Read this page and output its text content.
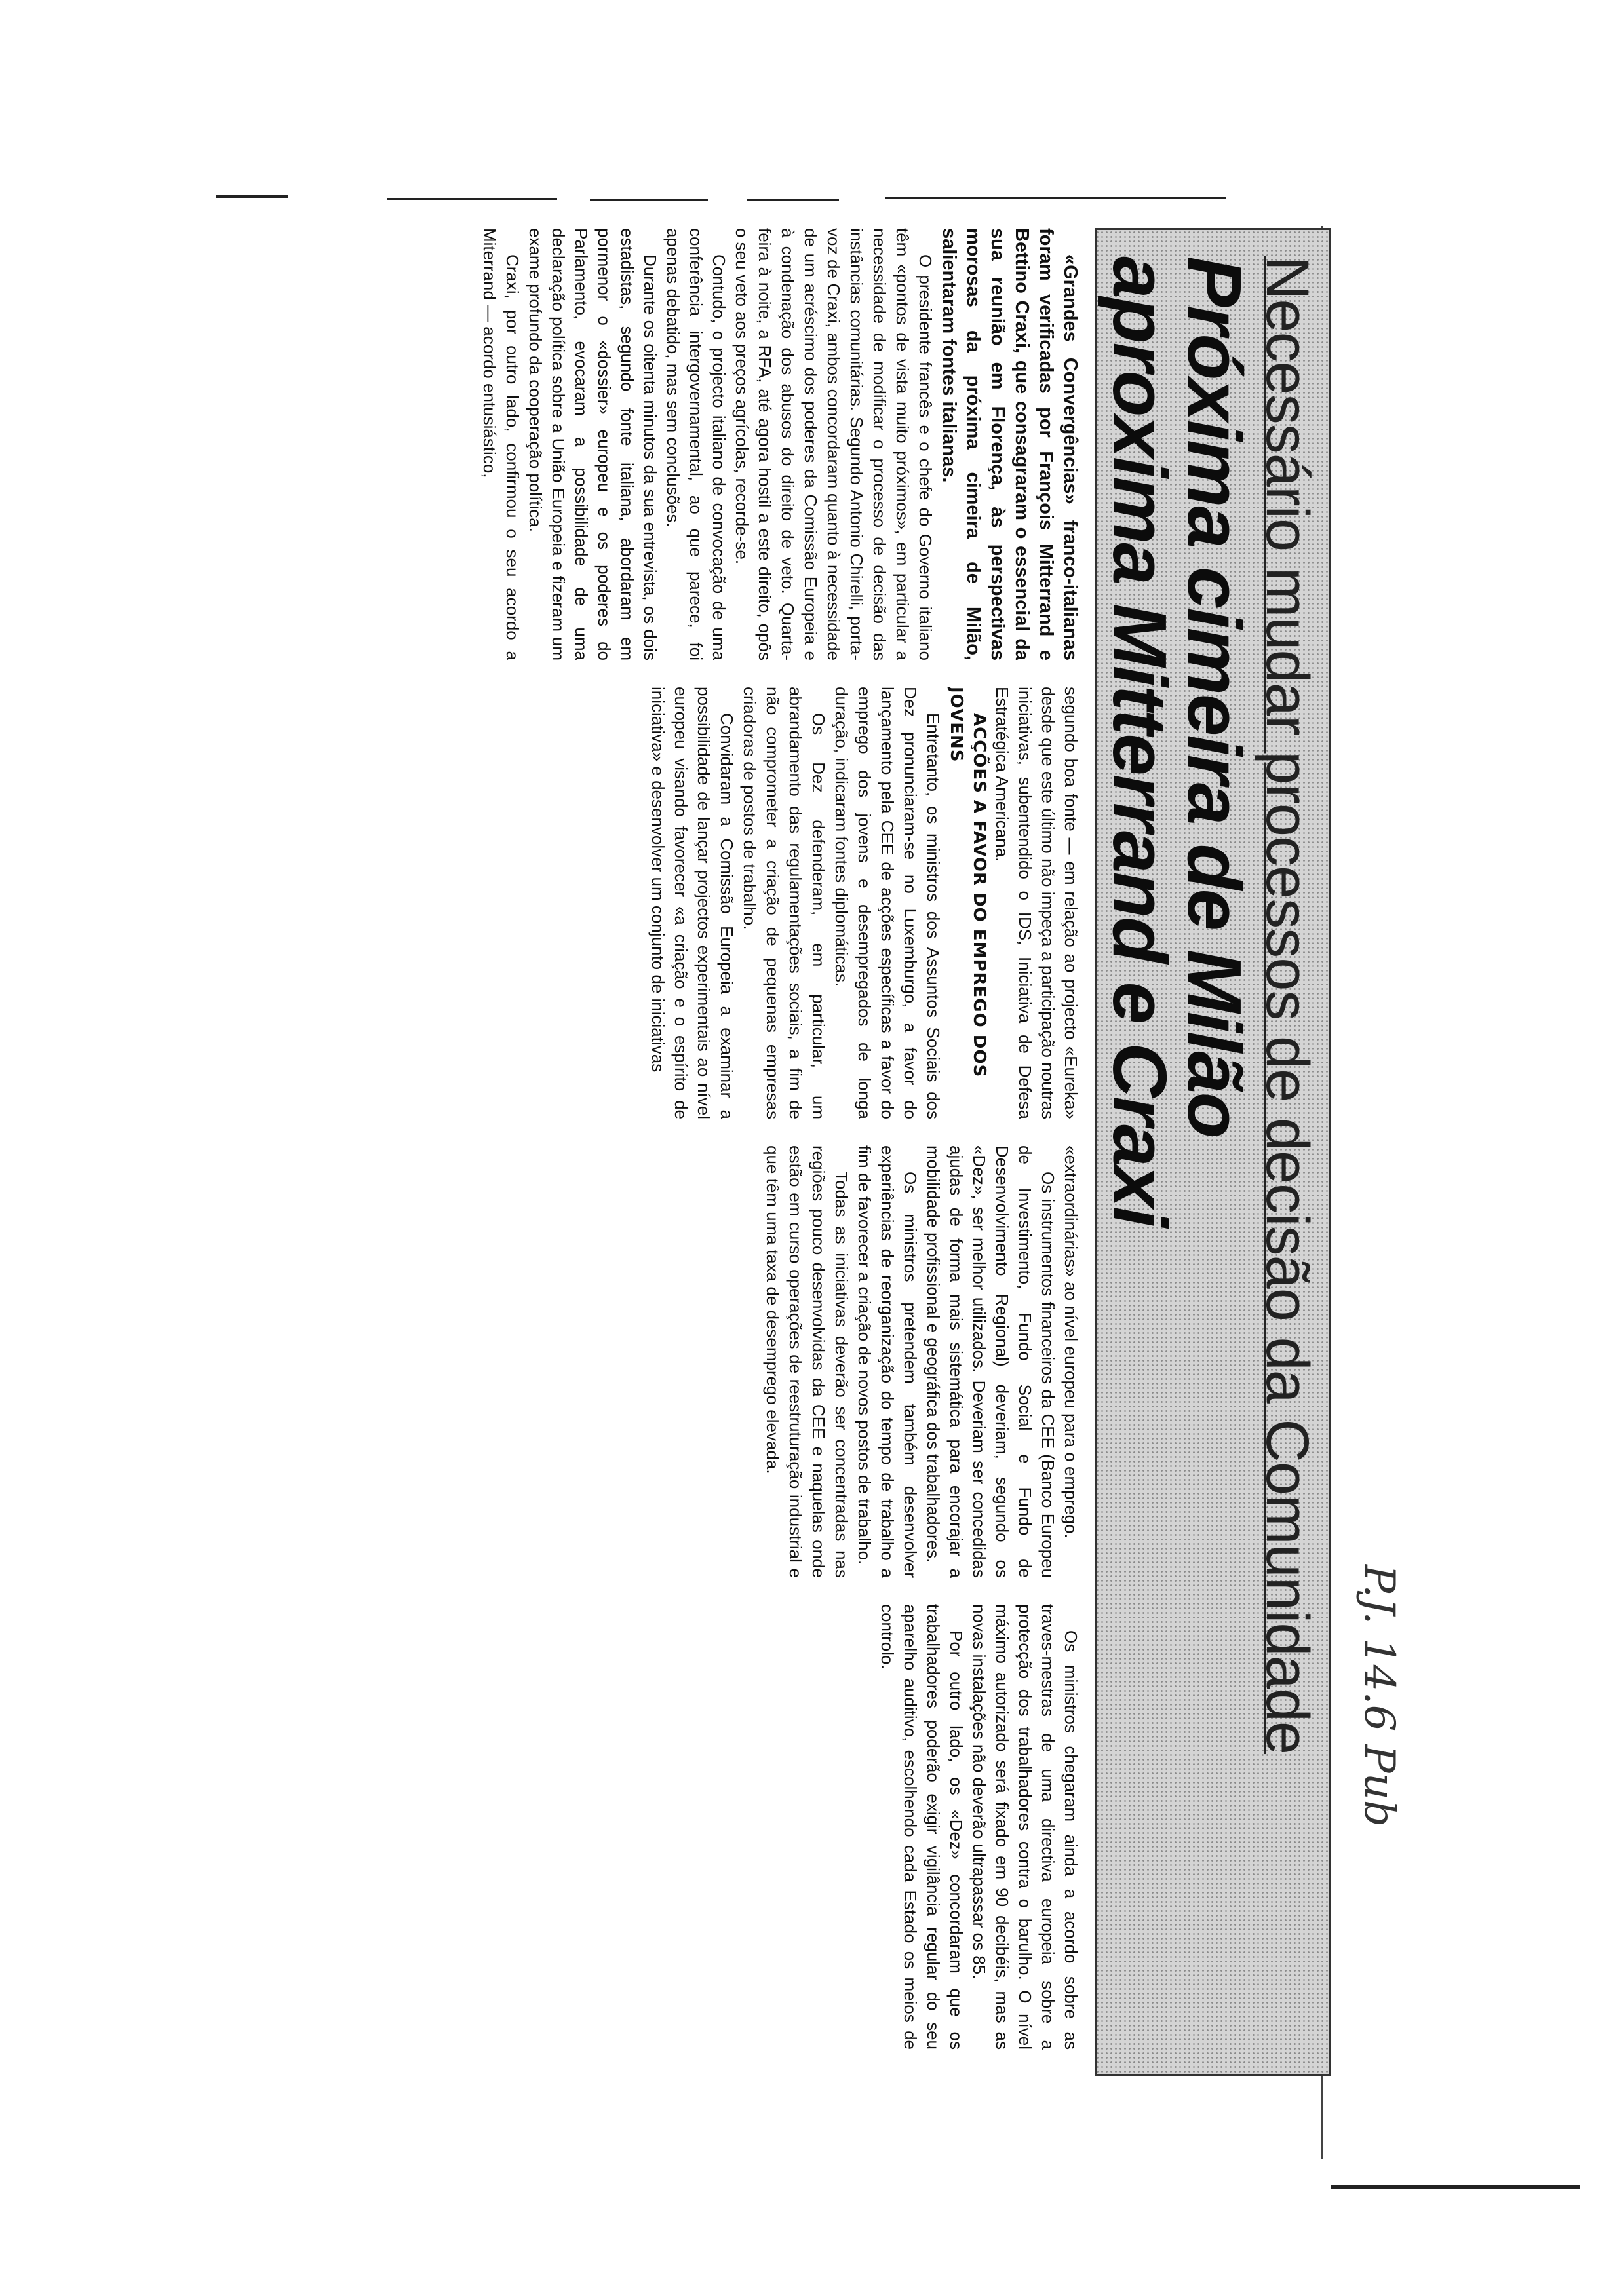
Necessário mudar processos de decisão da Comunidade
Próxima cimeira de Milão
aproxima Mitterrand e Craxi
P.J. 14.6 Pub

«Grandes Convergências» franco-italianas foram verificadas por François Mitterrand e Bettino Craxi, que consagraram o essencial da sua reunião em Florença, às perspectivas morosas da próxima cimeira de Milão, salientaram fontes italianas.

O presidente francês e o chefe do Governo italiano têm «pontos de vista muito próximos», em particular a necessidade de modificar o processo de decisão das instâncias comunitárias. Segundo Antonio Chirelli, porta-voz de Craxi, ambos concordaram quanto à necessidade de um acréscimo dos poderes da Comissão Europeia e à condenação dos abusos do direito de veto. Quarta-feira à noite, a RFA, até agora hostil a este direito, opôs o seu veto aos preços agrícolas, recorde-se.

Contudo, o projecto italiano de convocação de uma conferência intergovernamental, ao que parece, foi apenas debatido, mas sem conclusões.

Durante os oitenta minutos da sua entrevista, os dois estadistas, segundo fonte italiana, abordaram em pormenor o «dossier» europeu e os poderes do Parlamento, evocaram a possibilidade de uma declaração política sobre a União Europeia e fizeram um exame profundo da cooperação política.

Craxi, por outro lado, confirmou o seu acordo a Miterrand — acordo entusiástico,

segundo boa fonte — em relação ao projecto «Eureka» desde que este último não impeça a participação noutras iniciativas, subentendido o IDS, Iniciativa de Defesa Estratégica Americana.

ACÇÕES A FAVOR DO EMPREGO DOS JOVENS

Entretanto, os ministros dos Assuntos Sociais dos Dez pronunciaram-se no Luxemburgo, a favor do lançamento pela CEE de acções específicas a favor do emprego dos jovens e desempregados de longa duração, indicaram fontes diplomáticas.

Os Dez defenderam, em particular, um abrandamento das regulamentações sociais, a fim de não comprometer a criação de pequenas empresas criadoras de postos de trabalho.

Convidaram a Comissão Europeia a examinar a possibilidade de lançar projectos experimentais ao nível europeu visando favorecer «a criação e o espírito de iniciativa» e desenvolver um conjunto de iniciativas

«extraordinárias» ao nível europeu para o emprego.

Os instrumentos financeiros da CEE (Banco Europeu de Investimento, Fundo Social e Fundo de Desenvolvimento Regional) deveriam, segundo os «Dez», ser melhor utilizados. Deveriam ser concedidas ajudas de forma mais sistemática para encorajar a mobilidade profissional e geográfica dos trabalhadores.

Os ministros pretendem também desenvolver experiências de reorganização do tempo de trabalho a fim de favorecer a criação de novos postos de trabalho.

Todas as iniciativas deverão ser concentradas nas regiões pouco desenvolvidas da CEE e naquelas onde estão em curso operações de reestruturação industrial e que têm uma taxa de desemprego elevada.

Os ministros chegaram ainda a acordo sobre as traves-mestras de uma directiva europeia sobre a protecção dos trabalhadores contra o barulho. O nível máximo autorizado será fixado em 90 decibéis, mas as novas instalações não deverão ultrapassar os 85.

Por outro lado, os «Dez» concordaram que os trabalhadores poderão exigir vigilância regular do seu aparelho auditivo, escolhendo cada Estado os meios de controlo.
